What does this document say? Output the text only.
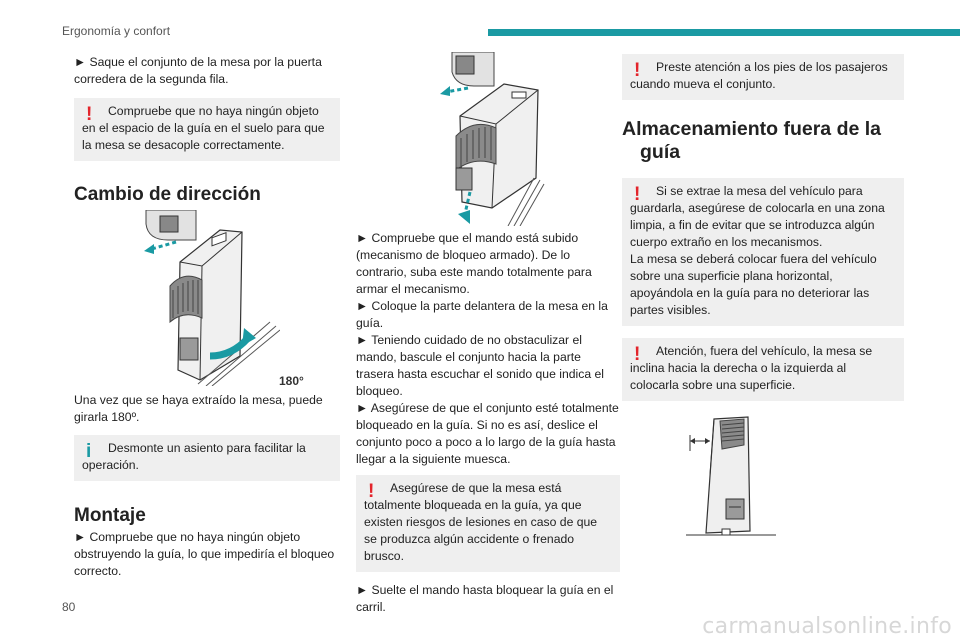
Ergonomía y confort

► Saque el conjunto de la mesa por la puerta corredera de la segunda fila.

!	Compruebe que no haya ningún objeto en el espacio de la guía en el suelo para que la mesa se desacople correctamente.
Cambio de dirección
180°

Una vez que se haya extraído la mesa, puede girarla 180º.

i	Desmonte un asiento para facilitar la operación.
Montaje

► Compruebe que no haya ningún objeto obstruyendo la guía, lo que impediría el bloqueo correcto.

► Compruebe que el mando está subido (mecanismo de bloqueo armado). De lo contrario, suba este mando totalmente para armar el mecanismo.

► Coloque la parte delantera de la mesa en la guía.

► Teniendo cuidado de no obstaculizar el mando, bascule el conjunto hacia la parte trasera hasta escuchar el sonido que indica el bloqueo.

► Asegúrese de que el conjunto esté totalmente bloqueado en la guía. Si no es así, deslice el conjunto poco a poco a lo largo de la guía hasta llegar a la siguiente muesca.

!	Asegúrese de que la mesa está totalmente bloqueada en la guía, ya que existen riesgos de lesiones en caso de que se produzca algún accidente o frenado brusco.

► Suelte el mando hasta bloquear la guía en el carril.

!	Preste atención a los pies de los pasajeros cuando mueva el conjunto.
Almacenamiento fuera de la
guía
!	Si se extrae la mesa del vehículo para guardarla, asegúrese de colocarla en una zona limpia, a fin de evitar que se introduzca algún cuerpo extraño en los mecanismos.
La mesa se deberá colocar fuera del vehículo sobre una superficie plana horizontal, apoyándola en la guía para no deteriorar las partes visibles.
!	Atención, fuera del vehículo, la mesa se inclina hacia la derecha o la izquierda al colocarla sobre una superficie.
80
carmanualsonline.info
